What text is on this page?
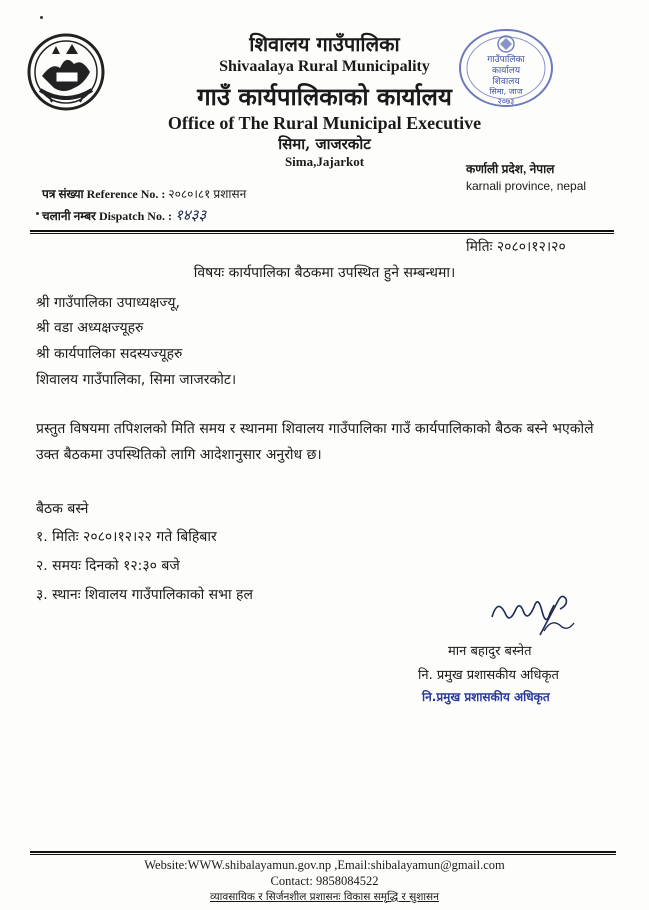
गाउँपालिका
कार्यालय
शिवालय
सिमा, जाज
२०७३
शिवालय गाउँपालिका
Shivaalaya Rural Municipality
गाउँ कार्यपालिकाको कार्यालय
Office of The Rural Municipal Executive
सिमा, जाजरकोट
Sima,Jajarkot	कर्णाली प्रदेश, नेपाल
karnali province, nepal
पत्र संख्या Reference No. : २०८०।८१ प्रशासन
चलानी नम्बर Dispatch No. : १४३३
मितिः २०८०।१२।२०
विषयः कार्यपालिका बैठकमा उपस्थित हुने सम्बन्धमा।
श्री गाउँपालिका उपाध्यक्षज्यू,
श्री वडा अध्यक्षज्यूहरु
श्री कार्यपालिका सदस्यज्यूहरु
शिवालय गाउँपालिका, सिमा जाजरकोट।
प्रस्तुत विषयमा तपिशलको मिति समय र स्थानमा शिवालय गाउँपालिका गाउँ कार्यपालिकाको बैठक बस्ने भएकोले उक्त बैठकमा उपस्थितिको लागि आदेशानुसार अनुरोध छ।
बैठक बस्ने
१. मितिः २०८०।१२।२२ गते बिहिबार
२. समयः दिनको १२:३० बजे
३. स्थानः शिवालय गाउँपालिकाको सभा हल
मान बहादुर बस्नेत
नि. प्रमुख प्रशासकीय अधिकृत
नि.प्रमुख प्रशासकीय अधिकृत
Website:WWW.shibalayamun.gov.np ,Email:shibalayamun@gmail.com
Contact: 9858084522
व्यावसायिक र सिर्जनशील प्रशासनः विकास समृद्धि र सुशासन
